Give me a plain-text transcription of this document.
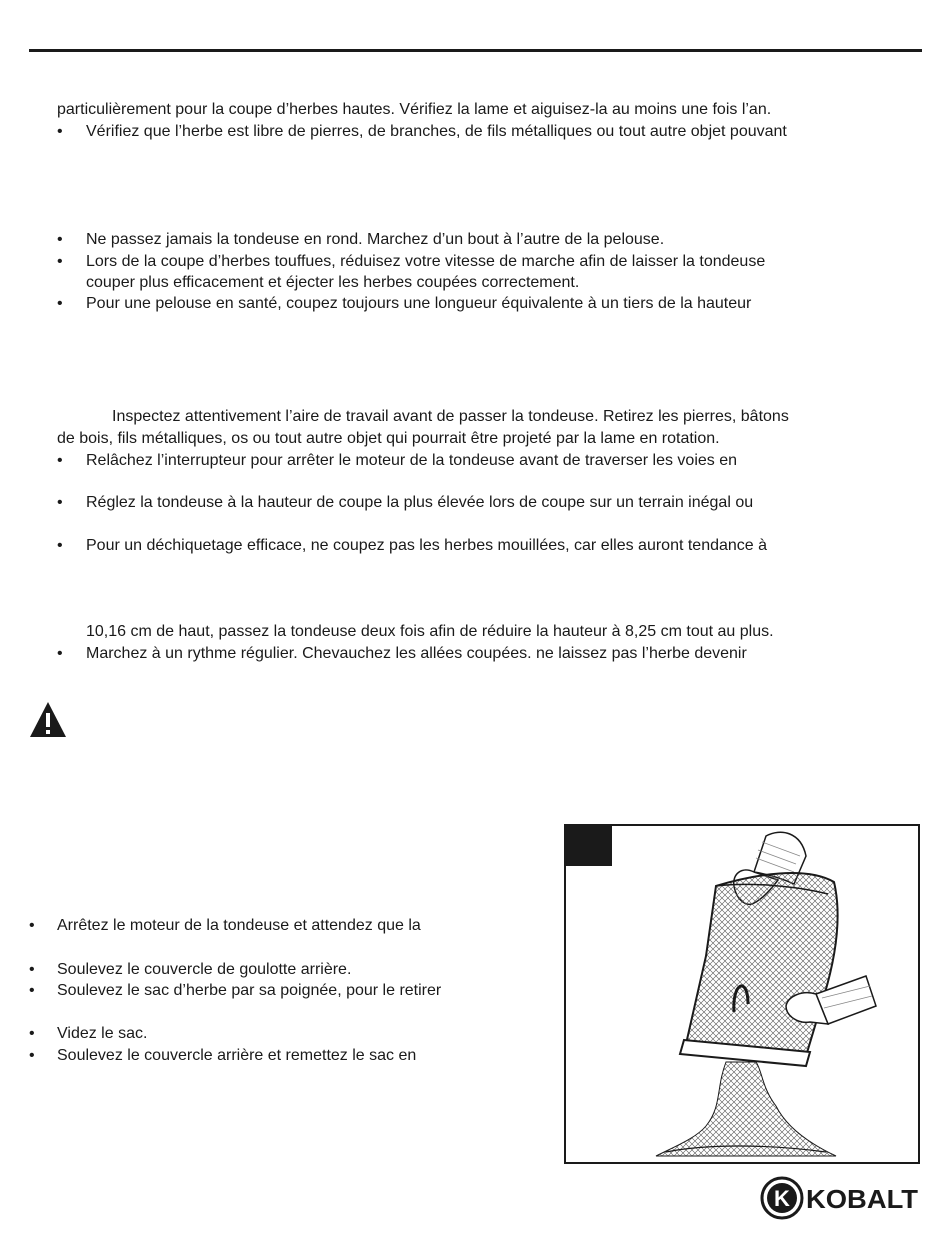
particulièrement pour la coupe d’herbes hautes. Vérifiez la lame et aiguisez-la au moins une fois l’an.
• Vérifiez que l’herbe est libre de pierres, de branches, de fils métalliques ou tout autre objet pouvant
• Ne passez jamais la tondeuse en rond. Marchez d’un bout à l’autre de la pelouse.
• Lors de la coupe d’herbes touffues, réduisez votre vitesse de marche afin de laisser la tondeuse
couper plus efficacement et éjecter les herbes coupées correctement.
• Pour une pelouse en santé, coupez toujours une longueur équivalente à un tiers de la hauteur
Inspectez attentivement l’aire de travail avant de passer la tondeuse. Retirez les pierres, bâtons
de bois, fils métalliques, os ou tout autre objet qui pourrait être projeté par la lame en rotation.
• Relâchez l’interrupteur pour arrêter le moteur de la tondeuse avant de traverser les voies en
• Réglez la tondeuse à la hauteur de coupe la plus élevée lors de coupe sur un terrain inégal ou
• Pour un déchiquetage efficace, ne coupez pas les herbes mouillées, car elles auront tendance à
10,16 cm de haut, passez la tondeuse deux fois afin de réduire la hauteur à 8,25 cm tout au plus.
• Marchez à un rythme régulier. Chevauchez les allées coupées. ne laissez pas l’herbe devenir
• Arrêtez le moteur de la tondeuse et attendez que la
• Soulevez le couvercle de goulotte arrière.
• Soulevez le sac d’herbe par sa poignée, pour le retirer
• Videz le sac.
• Soulevez le couvercle arrière et remettez le sac en
K KOBALT
